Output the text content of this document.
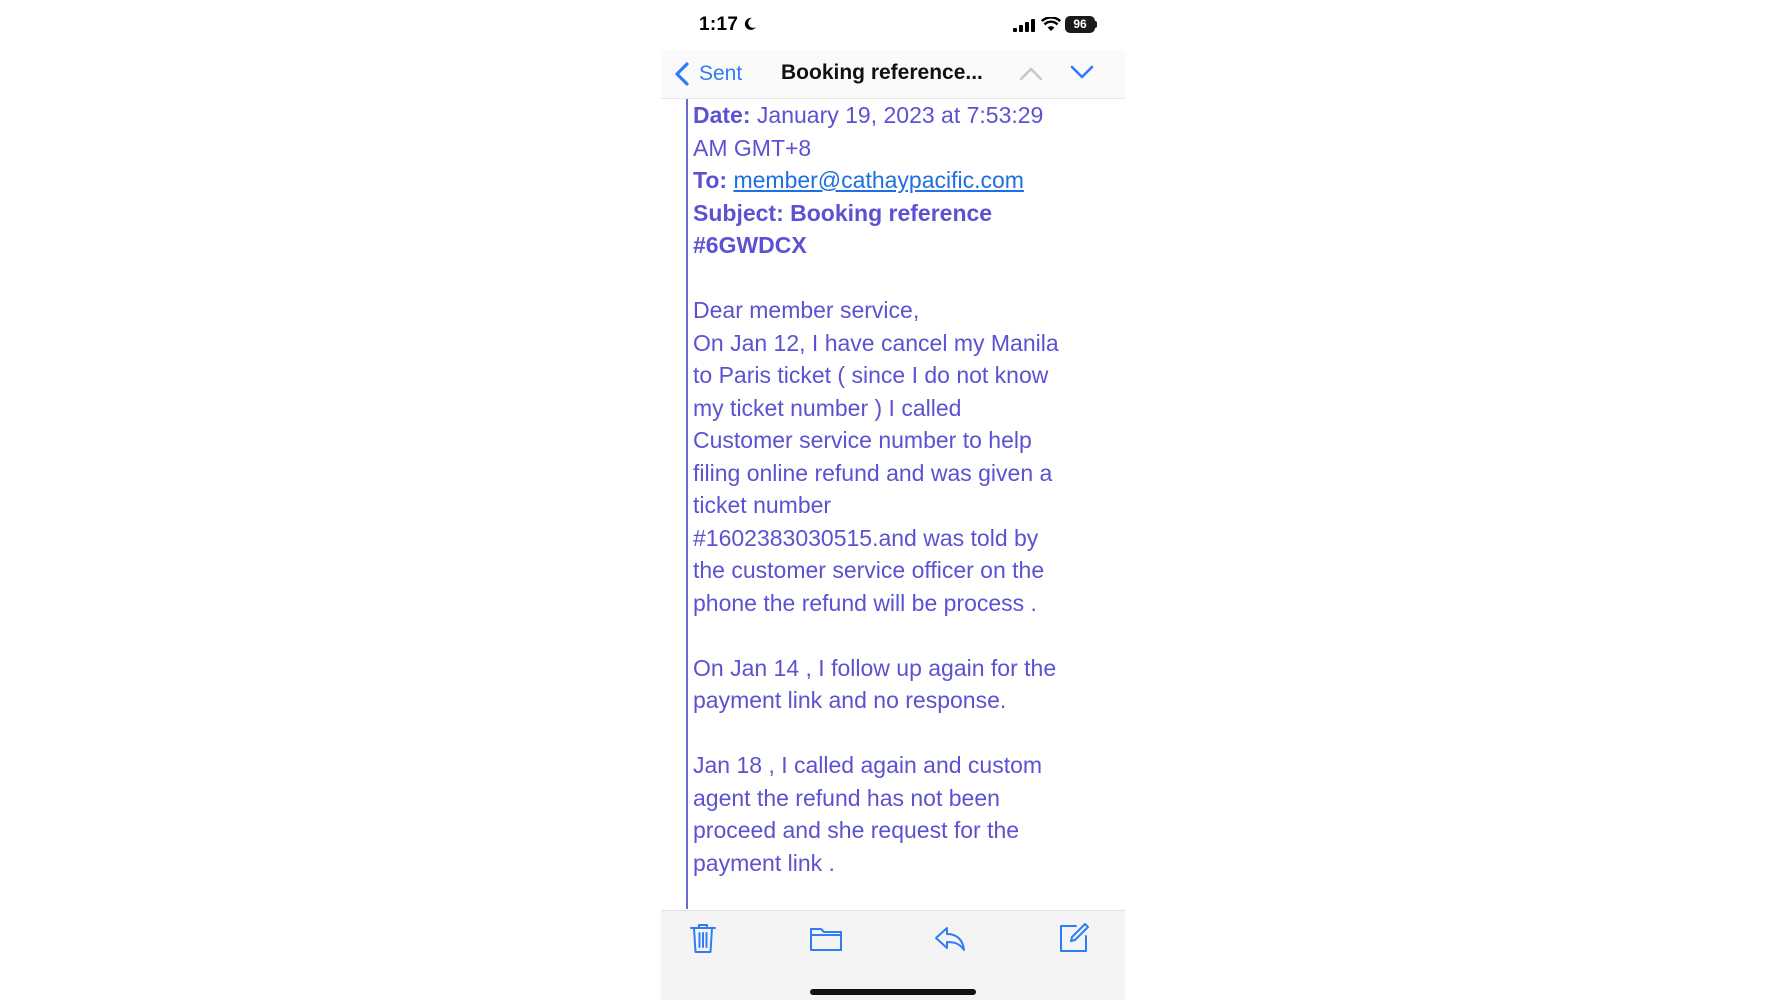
1:17	96
Sent Booking reference...

Date: January 19, 2023 at 7:53:29

AM GMT+8

To: member@cathaypacific.com

Subject: Booking reference

#6GWDCX

Dear member service,

On Jan 12, I have cancel my Manila

to Paris ticket ( since I do not know

my ticket number ) I called

Customer service number to help

filing online refund and was given a

ticket number

#1602383030515.and was told by

the customer service officer on the

phone the refund will be process .

On Jan 14 , I follow up again for the

payment link and no response.

Jan 18 , I called again and custom

agent the refund has not been

proceed and she request for the

payment link .
